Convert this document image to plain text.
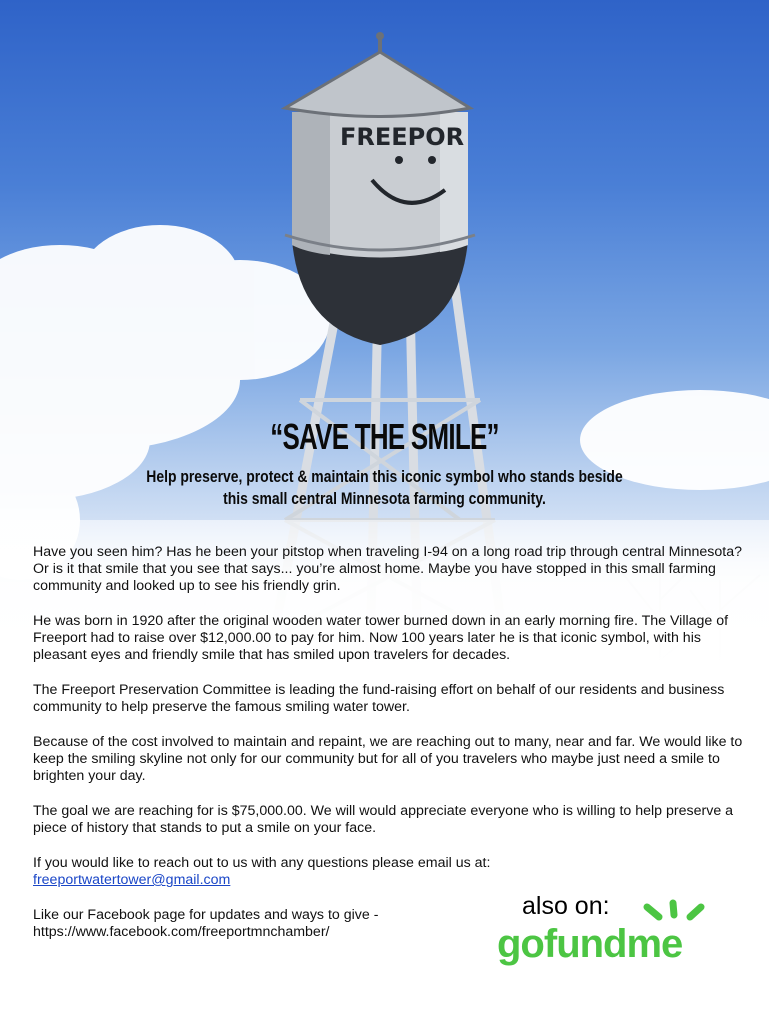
FREEPOR
“SAVE THE SMILE”
Help preserve, protect & maintain this iconic symbol who stands beside
this small central Minnesota farming community.

Have you seen him? Has he been your pitstop when traveling I-94 on a long road trip through central Minnesota? Or is it that smile that you see that says... you’re almost home. Maybe you have stopped in this small farming community and looked up to see his friendly grin.

He was born in 1920 after the original wooden water tower burned down in an early morning fire. The Village of Freeport had to raise over $12,000.00 to pay for him. Now 100 years later he is that iconic symbol, with his pleasant eyes and friendly smile that has smiled upon travelers for decades.

The Freeport Preservation Committee is leading the fund-raising effort on behalf of our residents and business community to help preserve the famous smiling water tower.

Because of the cost involved to maintain and repaint, we are reaching out to many, near and far. We would like to keep the smiling skyline not only for our community but for all of you travelers who maybe just need a smile to brighten your day.

The goal we are reaching for is $75,000.00. We will would appreciate everyone who is willing to help preserve a piece of history that stands to put a smile on your face.

If you would like to reach out to us with any questions please email us at:
freeportwatertower@gmail.com

Like our Facebook page for updates and ways to give -
https://www.facebook.com/freeportmnchamber/

also on:
gofundme
